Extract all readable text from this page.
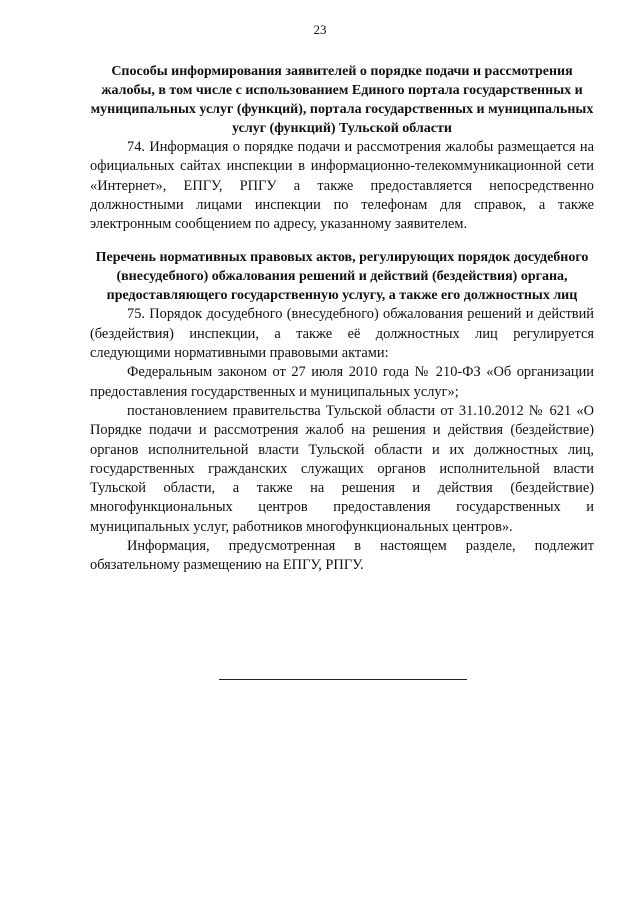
23
Способы информирования заявителей о порядке подачи и рассмотрения жалобы, в том числе с использованием Единого портала государственных и муниципальных услуг (функций), портала государственных и муниципальных услуг (функций) Тульской области

74. Информация о порядке подачи и рассмотрения жалобы размещается на официальных сайтах инспекции в информационно-телекоммуникационной сети «Интернет», ЕПГУ, РПГУ а также предоставляется непосредственно должностными лицами инспекции по телефонам для справок, а также электронным сообщением по адресу, указанному заявителем.

Перечень нормативных правовых актов, регулирующих порядок досудебного (внесудебного) обжалования решений и действий (бездействия) органа, предоставляющего государственную услугу, а также его должностных лиц

75. Порядок досудебного (внесудебного) обжалования решений и действий (бездействия) инспекции, а также её должностных лиц регулируется следующими нормативными правовыми актами:

Федеральным законом от 27 июля 2010 года № 210-ФЗ «Об организации предоставления государственных и муниципальных услуг»;

постановлением правительства Тульской области от 31.10.2012 № 621 «О Порядке подачи и рассмотрения жалоб на решения и действия (бездействие) органов исполнительной власти Тульской области и их должностных лиц, государственных гражданских служащих органов исполнительной власти Тульской области, а также на решения и действия (бездействие) многофункциональных центров предоставления государственных и муниципальных услуг, работников многофункциональных центров».

Информация, предусмотренная в настоящем разделе, подлежит обязательному размещению на ЕПГУ, РПГУ.
